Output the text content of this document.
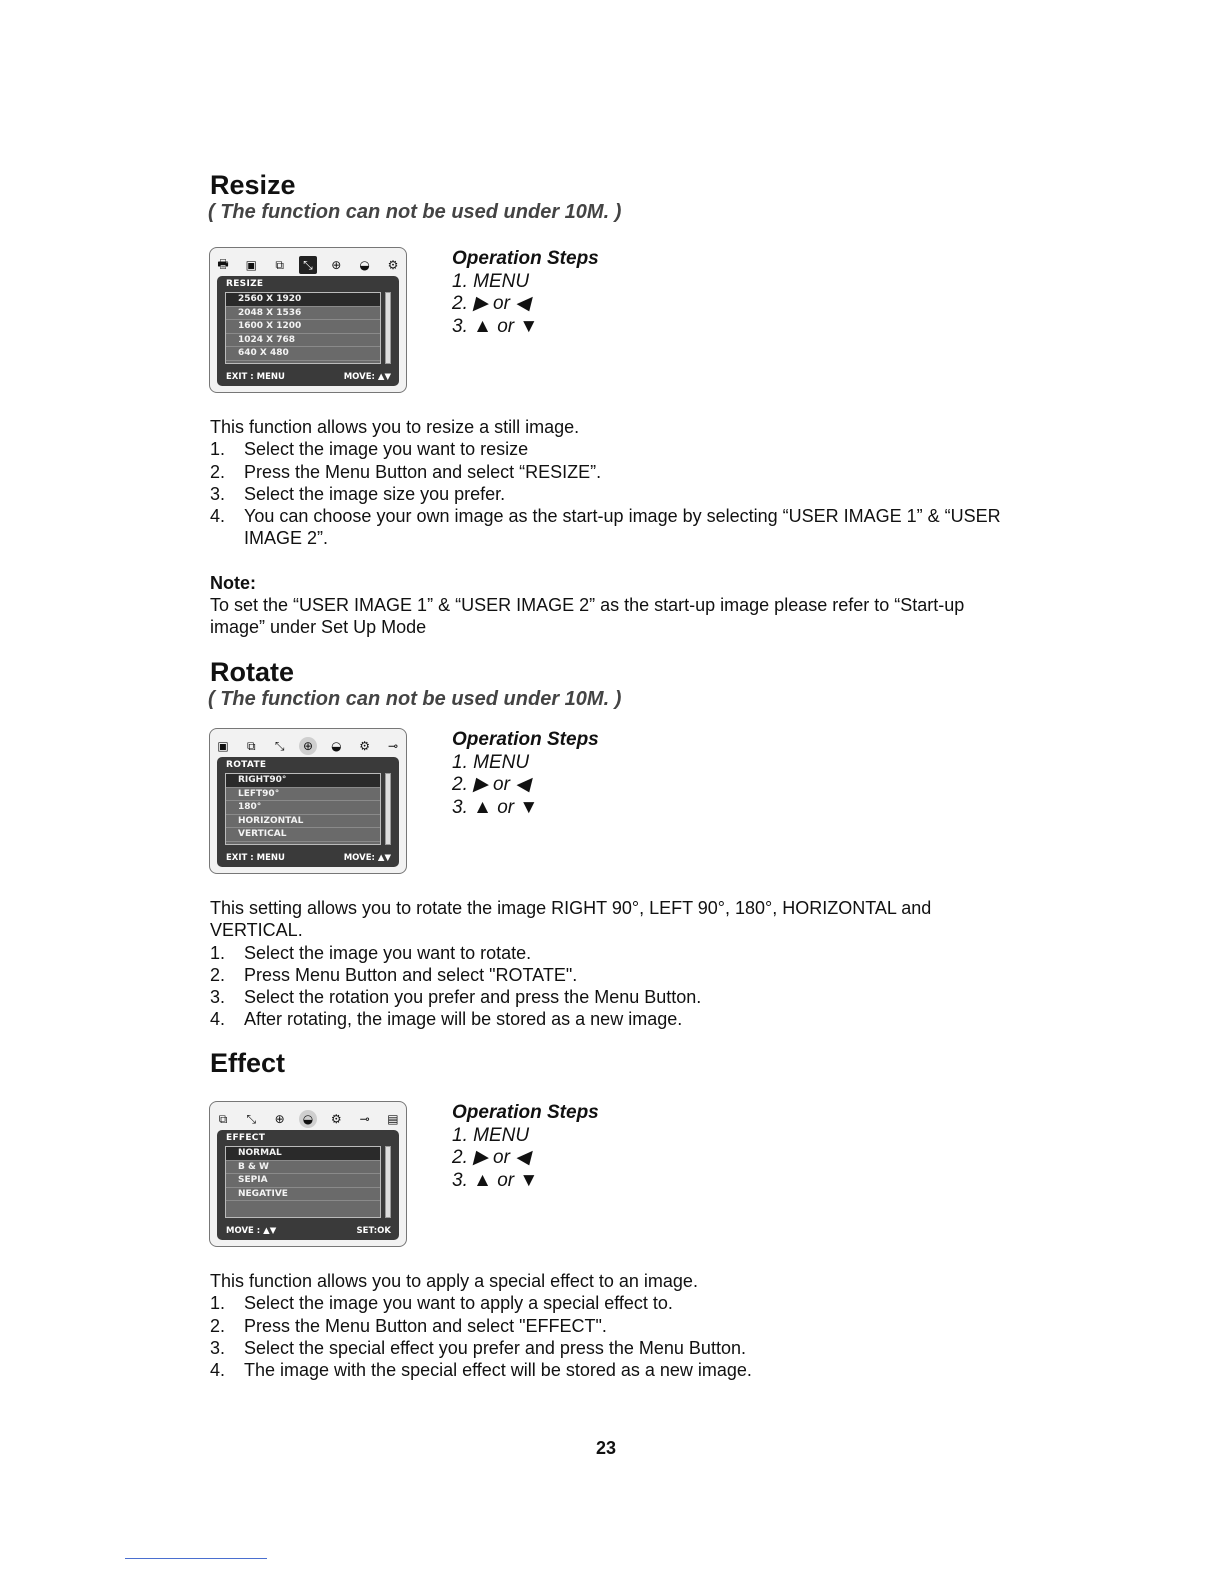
Resize
( The function can not be used under 10M. )
🖶 ▣	⧉	⤡	⊕	◒	⚙
RESIZE
2560 X 1920
2048 X 1536
1600 X 1200
1024 X 768
640 X 480
EXIT : MENU	MOVE: ▲▼
Operation Steps
1. MENU
2. ▶ or ◀
3. ▲ or ▼
This function allows you to resize a still image.
1. Select the image you want to resize
2. Press the Menu Button and select “RESIZE”.
3. Select the image size you prefer.
4. You can choose your own image as the start-up image by selecting “USER IMAGE 1” & “USER IMAGE 2”.
Note:
To set the “USER IMAGE 1” & “USER IMAGE 2” as the start-up image please refer to “Start-up image” under Set Up Mode
Rotate
( The function can not be used under 10M. )
▣	⧉	⤡	⊕	◒	⚙	⊸
ROTATE
RIGHT90°
LEFT90°
180°
HORIZONTAL
VERTICAL
EXIT : MENU	MOVE: ▲▼
Operation Steps
1. MENU
2. ▶ or ◀
3. ▲ or ▼
This setting allows you to rotate the image RIGHT 90°, LEFT 90°, 180°, HORIZONTAL and VERTICAL.
1. Select the image you want to rotate.
2. Press Menu Button and select "ROTATE".
3. Select the rotation you prefer and press the Menu Button.
4. After rotating, the image will be stored as a new image.
Effect
⧉	⤡	⊕	◒	⚙	⊸	▤
EFFECT
NORMAL
B & W
SEPIA
NEGATIVE
MOVE : ▲▼	SET:OK
Operation Steps
1. MENU
2. ▶ or ◀
3. ▲ or ▼
This function allows you to apply a special effect to an image.
1. Select the image you want to apply a special effect to.
2. Press the Menu Button and select "EFFECT".
3. Select the special effect you prefer and press the Menu Button.
4. The image with the special effect will be stored as a new image.
23
